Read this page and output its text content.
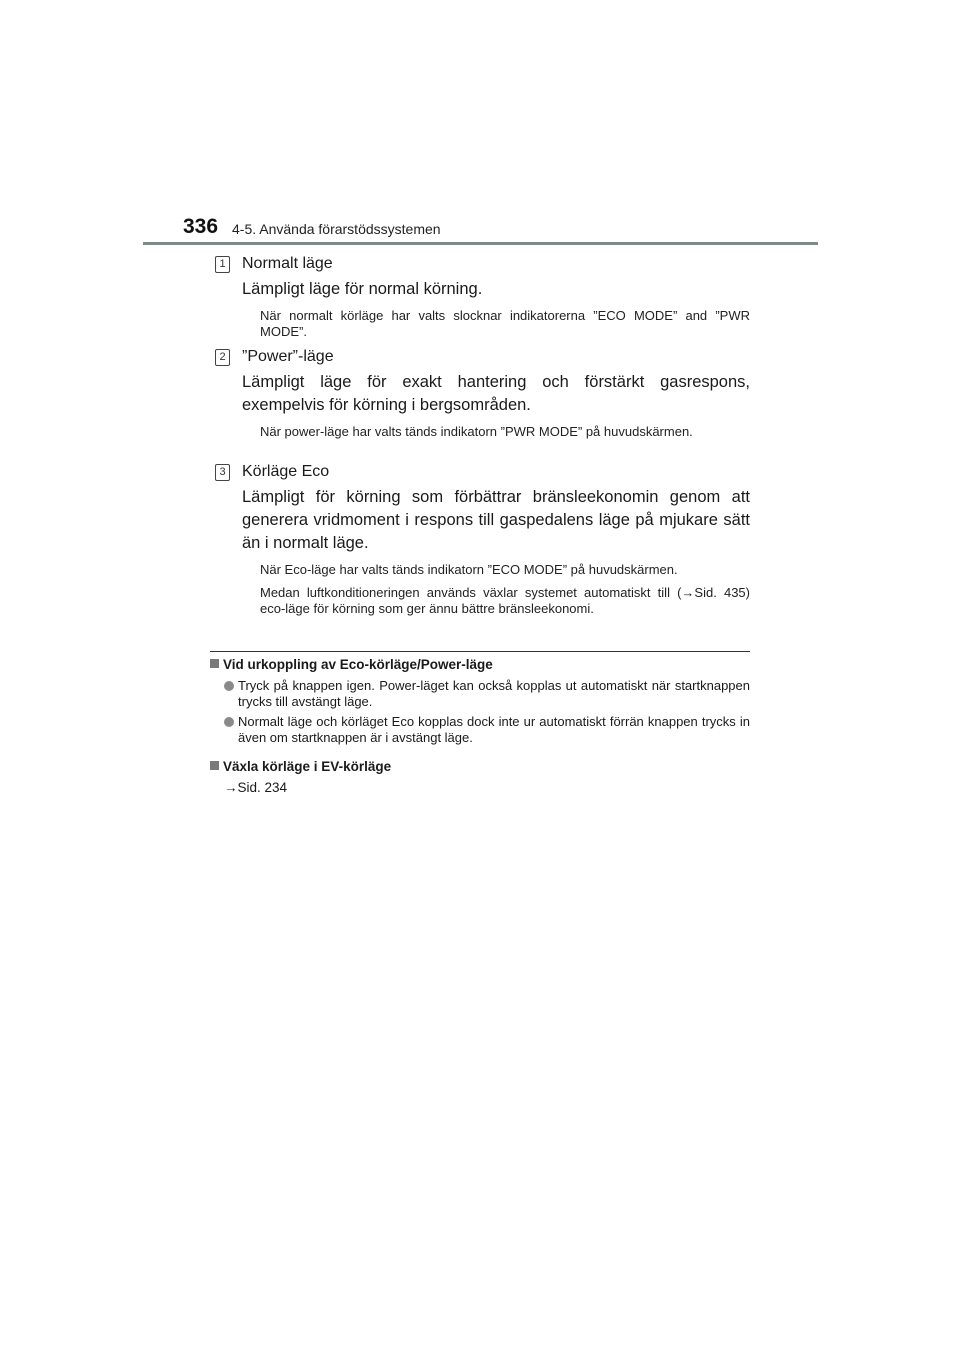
336 4-5. Använda förarstödssystemen
1 Normalt läge
Lämpligt läge för normal körning.
När normalt körläge har valts slocknar indikatorerna ”ECO MODE” and ”PWR MODE”.
2 ”Power”-läge
Lämpligt läge för exakt hantering och förstärkt gasrespons, exempelvis för körning i bergsområden.
När power-läge har valts tänds indikatorn ”PWR MODE” på huvudskärmen.
3 Körläge Eco
Lämpligt för körning som förbättrar bränsleekonomin genom att generera vridmoment i respons till gaspedalens läge på mjukare sätt än i normalt läge.
När Eco-läge har valts tänds indikatorn ”ECO MODE” på huvudskärmen.
Medan luftkonditioneringen används växlar systemet automatiskt till (→Sid. 435) eco-läge för körning som ger ännu bättre bränsleekonomi.
Vid urkoppling av Eco-körläge/Power-läge
Tryck på knappen igen. Power-läget kan också kopplas ut automatiskt när startknappen trycks till avstängt läge.
Normalt läge och körläget Eco kopplas dock inte ur automatiskt förrän knappen trycks in även om startknappen är i avstängt läge.
Växla körläge i EV-körläge
→Sid. 234
